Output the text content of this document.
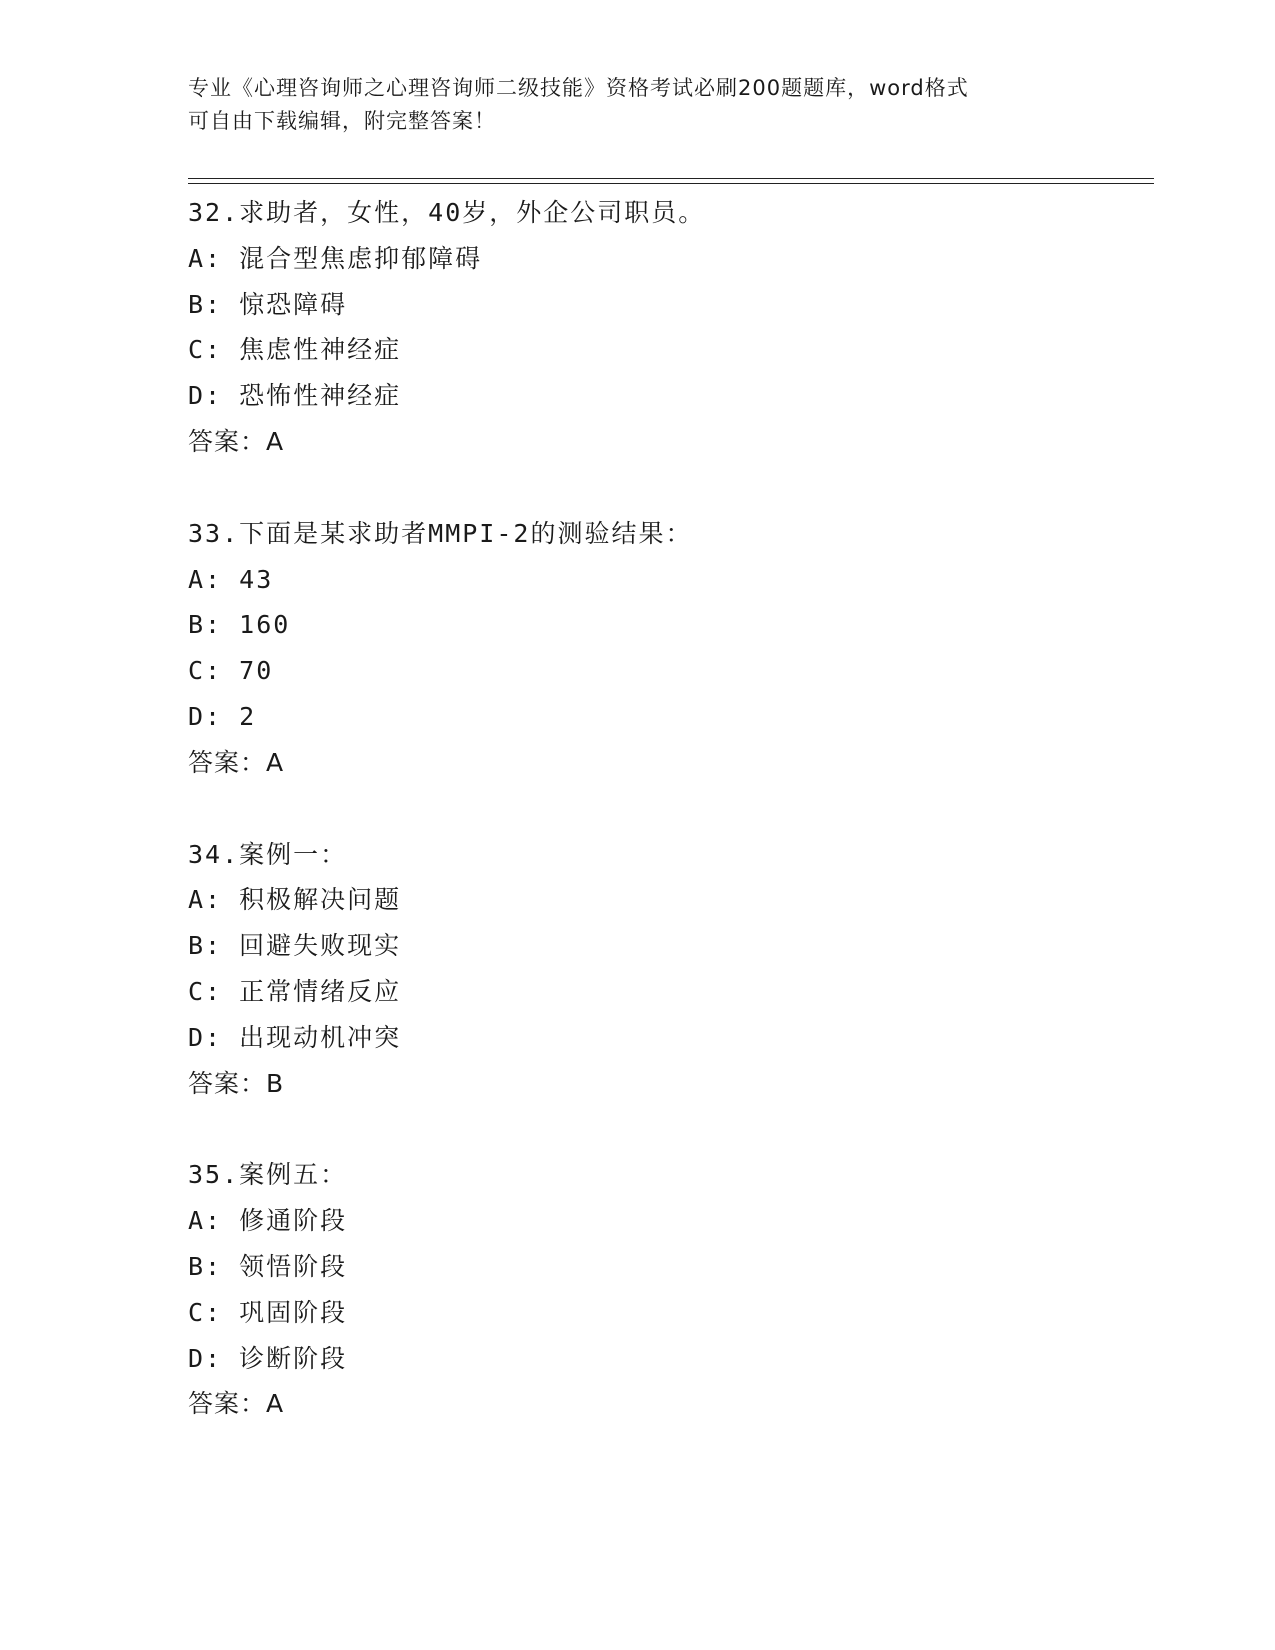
专业《心理咨询师之心理咨询师二级技能》资格考试必刷200题题库，word格式

可自由下载编辑，附完整答案！

32.求助者，女性，40岁，外企公司职员。
A: 混合型焦虑抑郁障碍
B: 惊恐障碍
C: 焦虑性神经症
D: 恐怖性神经症
答案：A
33.下面是某求助者MMPI-2的测验结果：
A: 43
B: 160
C: 70
D: 2
答案：A
34.案例一：
A: 积极解决问题
B: 回避失败现实
C: 正常情绪反应
D: 出现动机冲突
答案：B
35.案例五：
A: 修通阶段
B: 领悟阶段
C: 巩固阶段
D: 诊断阶段
答案：A
